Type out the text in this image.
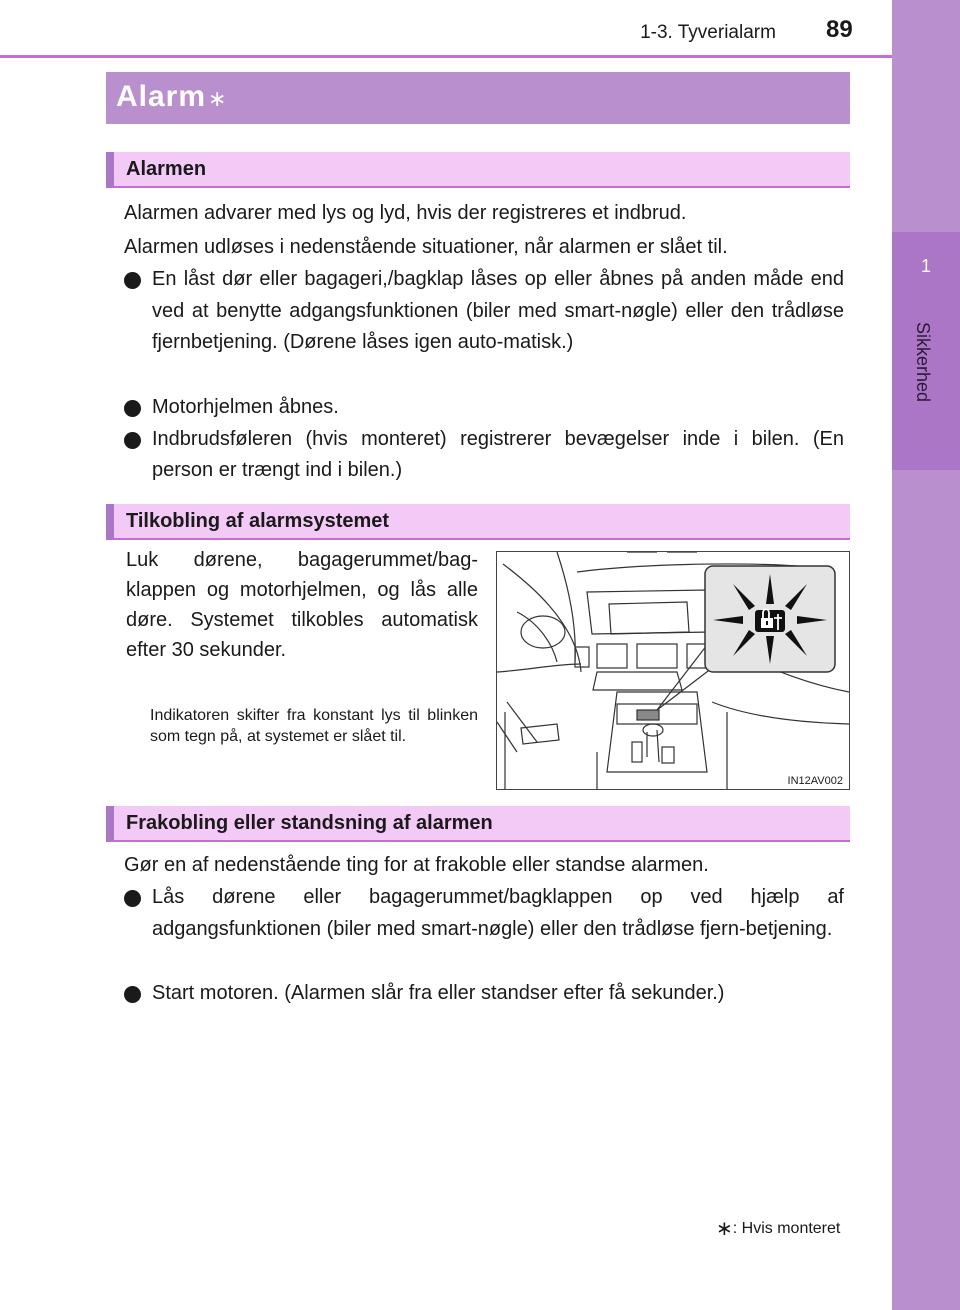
1-3. Tyverialarm	89
1
Sikkerhed
Alarm∗
Alarmen
Alarmen advarer med lys og lyd, hvis der registreres et indbrud.
Alarmen udløses i nedenstående situationer, når alarmen er slået til.
En låst dør eller bagageri,/bagklap låses op eller åbnes på anden måde end ved at benytte adgangsfunktionen (biler med smart-nøgle) eller den trådløse fjernbetjening. (Dørene låses igen auto-matisk.)
Motorhjelmen åbnes.
Indbrudsføleren (hvis monteret) registrerer bevægelser inde i bilen. (En person er trængt ind i bilen.)
Tilkobling af alarmsystemet
Luk dørene, bagagerummet/bag-klappen og motorhjelmen, og lås alle døre. Systemet tilkobles automatisk efter 30 sekunder.
Indikatoren skifter fra konstant lys til blinken som tegn på, at systemet er slået til.
IN12AV002
Frakobling eller standsning af alarmen
Gør en af nedenstående ting for at frakoble eller standse alarmen.
Lås dørene eller bagagerummet/bagklappen op ved hjælp af adgangsfunktionen (biler med smart-nøgle) eller den trådløse fjern-betjening.
Start motoren. (Alarmen slår fra eller standser efter få sekunder.)
∗: Hvis monteret
